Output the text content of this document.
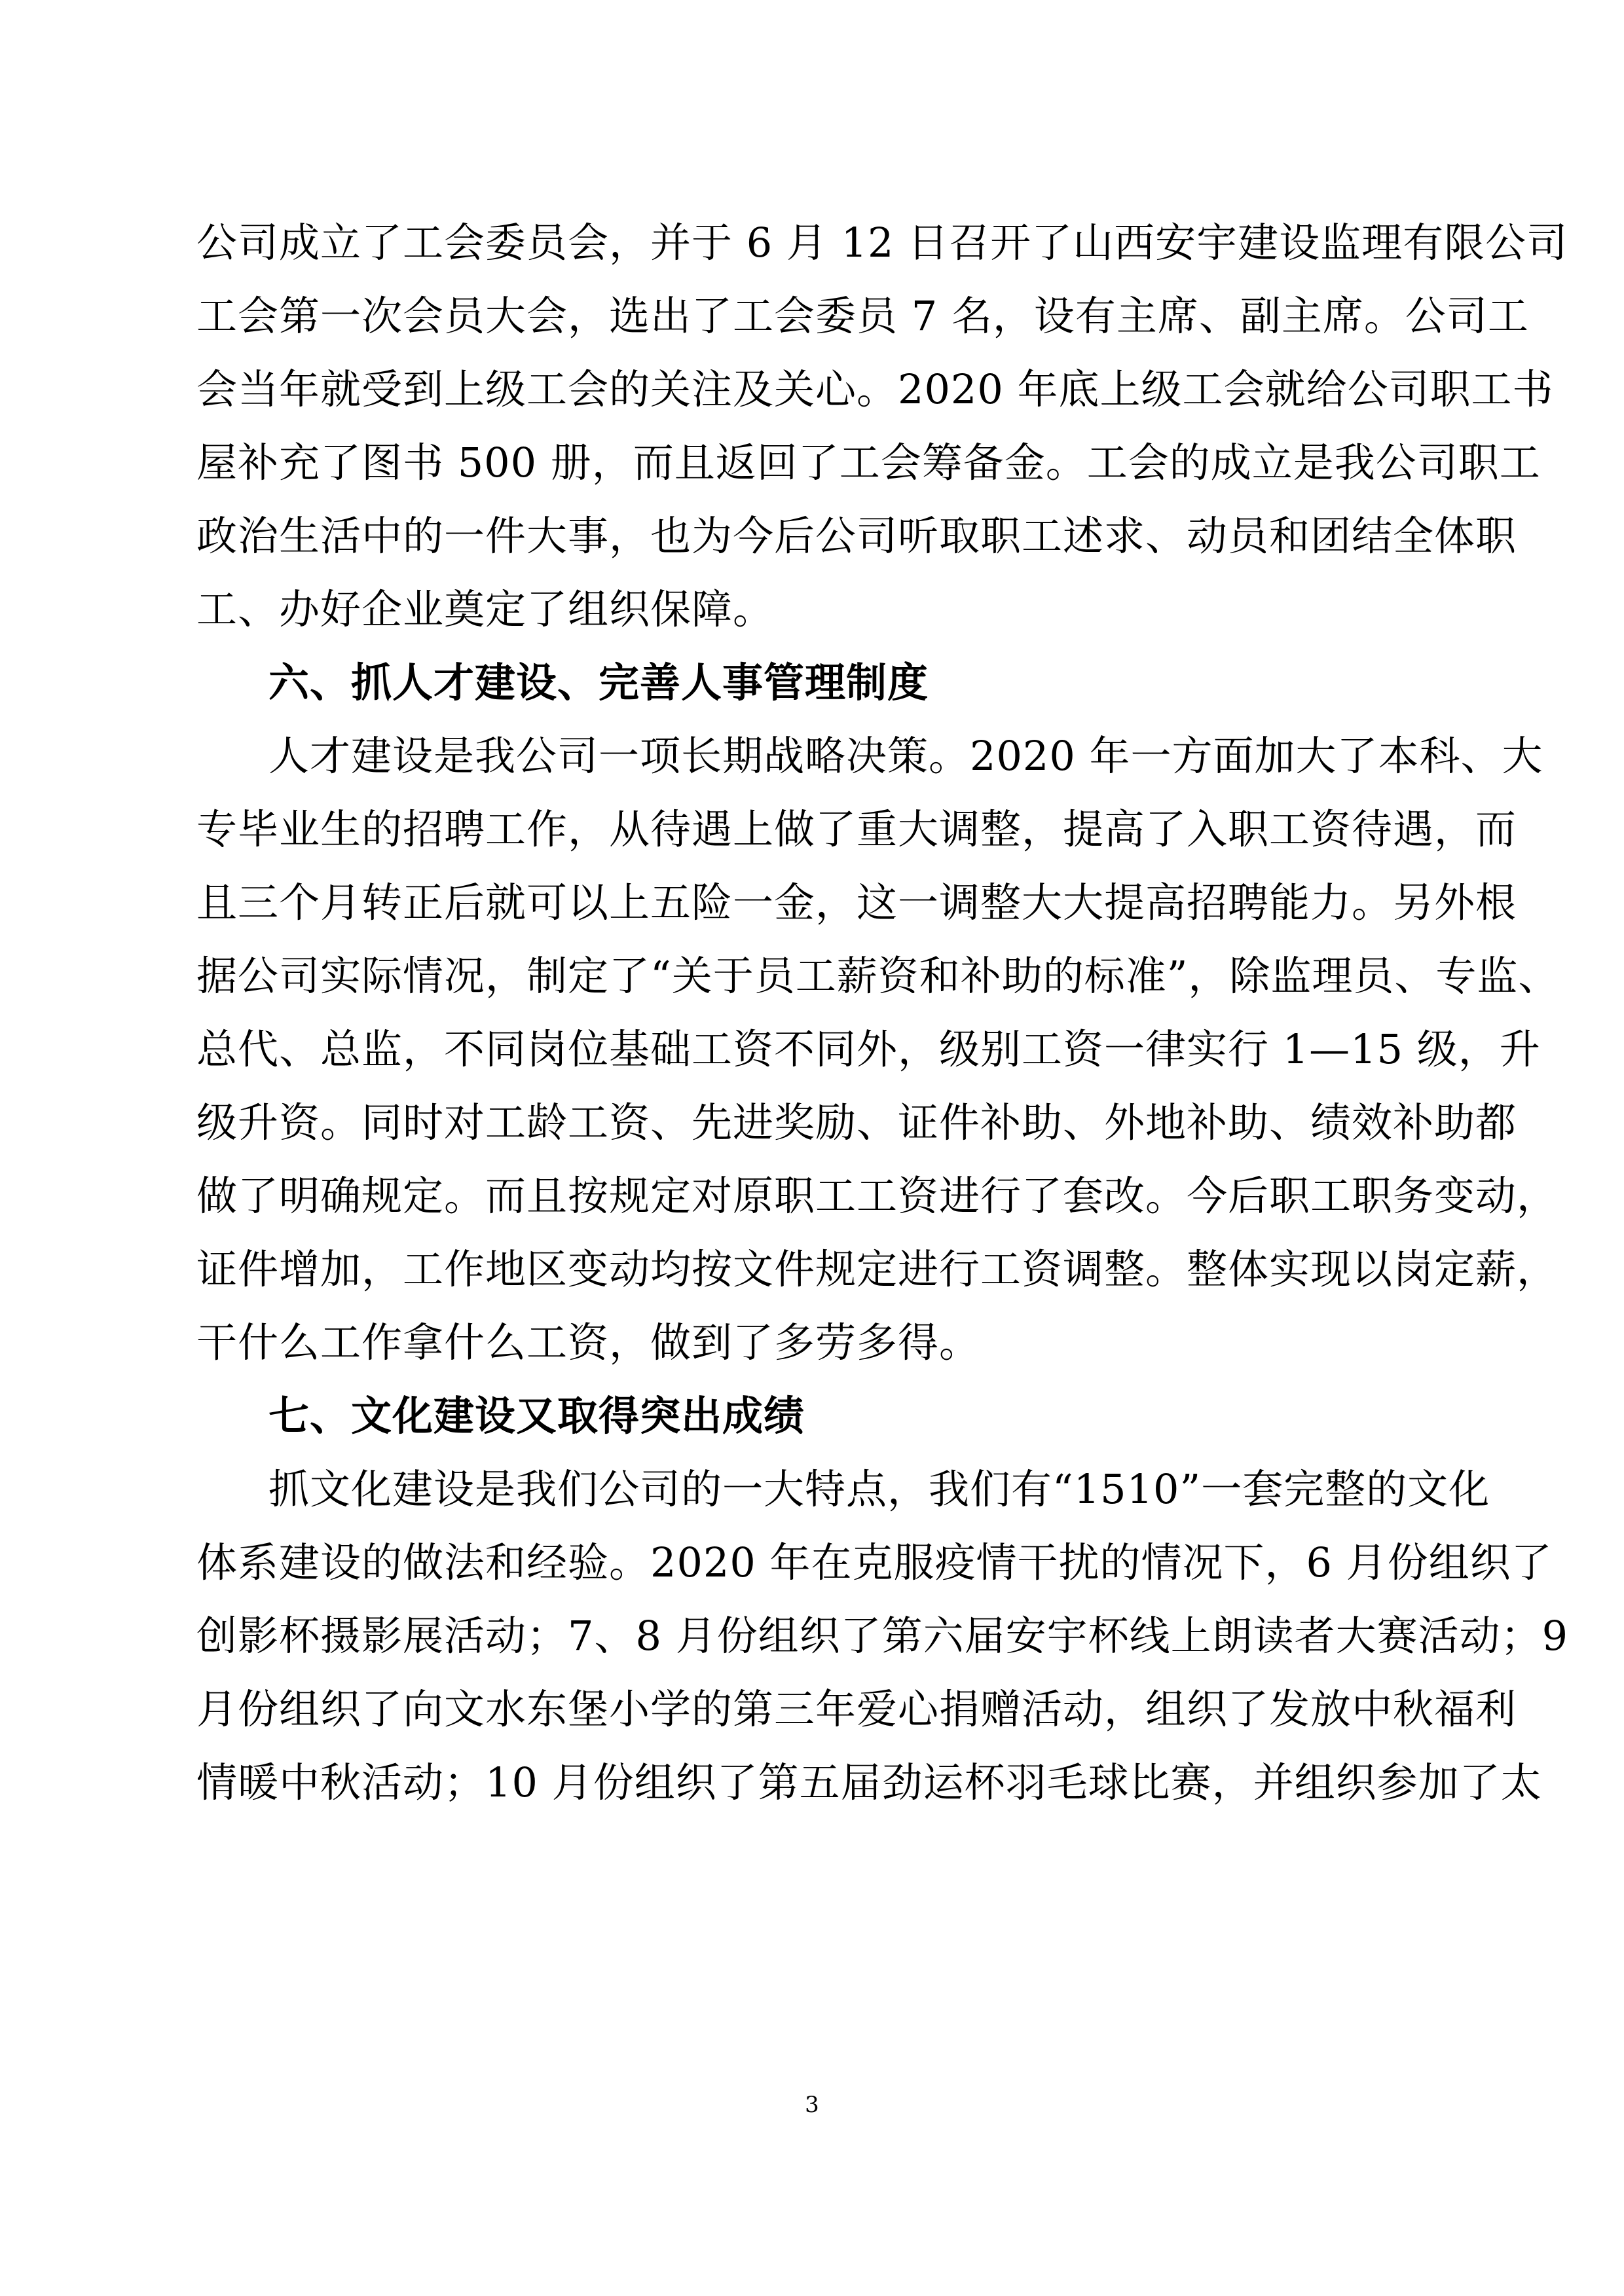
公司成立了工会委员会，并于 6 月 12 日召开了山西安宇建设监理有限公司
工会第一次会员大会，选出了工会委员 7 名，设有主席、副主席。公司工
会当年就受到上级工会的关注及关心。2020 年底上级工会就给公司职工书
屋补充了图书 500 册，而且返回了工会筹备金。工会的成立是我公司职工
政治生活中的一件大事，也为今后公司听取职工述求、动员和团结全体职
工、办好企业奠定了组织保障。
六、抓人才建设、完善人事管理制度
人才建设是我公司一项长期战略决策。2020 年一方面加大了本科、大
专毕业生的招聘工作，从待遇上做了重大调整，提高了入职工资待遇，而
且三个月转正后就可以上五险一金，这一调整大大提高招聘能力。另外根
据公司实际情况，制定了“关于员工薪资和补助的标准”，除监理员、专监、
总代、总监，不同岗位基础工资不同外，级别工资一律实行 1—15 级，升
级升资。同时对工龄工资、先进奖励、证件补助、外地补助、绩效补助都
做了明确规定。而且按规定对原职工工资进行了套改。今后职工职务变动，
证件增加，工作地区变动均按文件规定进行工资调整。整体实现以岗定薪，
干什么工作拿什么工资，做到了多劳多得。
七、文化建设又取得突出成绩
抓文化建设是我们公司的一大特点，我们有“1510”一套完整的文化
体系建设的做法和经验。2020 年在克服疫情干扰的情况下，6 月份组织了
创影杯摄影展活动；7、8 月份组织了第六届安宇杯线上朗读者大赛活动；9
月份组织了向文水东堡小学的第三年爱心捐赠活动，组织了发放中秋福利
情暖中秋活动；10 月份组织了第五届劲运杯羽毛球比赛，并组织参加了太
3
